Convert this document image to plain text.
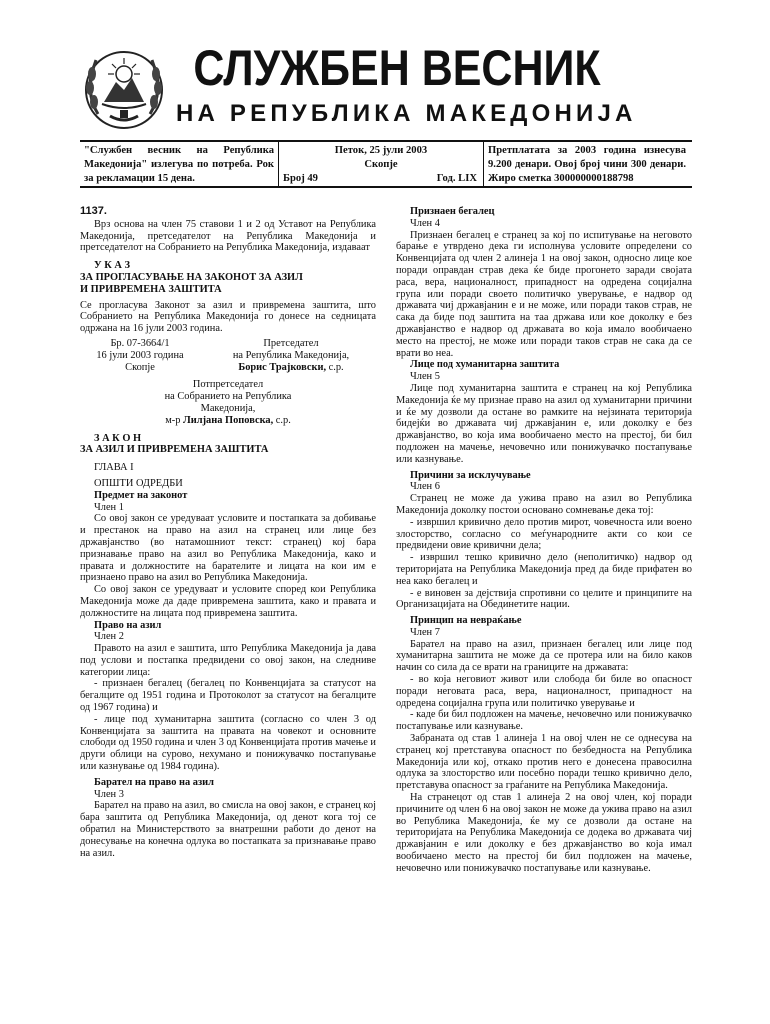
СЛУЖБЕН ВЕСНИК
НА РЕПУБЛИКА МАКЕДОНИЈА
"Службен весник на Република Македонија" излегува по потреба. Рок за рекламации 15 дена.
Петок, 25 јули 2003
Скопје
Број 49	Год. LIX
Претплатата за 2003 година изнесува 9.200 денари. Овој број чини 300 денари. Жиро сметка 300000000188798
1137.

Врз основа на член 75 ставови 1 и 2 од Уставот на Република Македонија, претседателот на Република Македонија и претседателот на Собранието на Република Македонија, издаваат

У К А З

ЗА ПРОГЛАСУВАЊЕ НА ЗАКОНОТ ЗА АЗИЛ

И ПРИВРЕМЕНА ЗАШТИТА

Се прогласува Законот за азил и привремена заштита, што Собранието на Република Македонија го донесе на седницата одржана на 16 јули 2003 година.

Бр. 07-3664/1
16 јули 2003 година
Скопје
Претседател
на Република Македонија,
Борис Трајковски, с.р.
Потпретседател
на Собранието на Република
Македонија,
м-р Лилјана Поповска, с.р.

З А К О Н

ЗА АЗИЛ И ПРИВРЕМЕНА ЗАШТИТА

ГЛАВА I

ОПШТИ ОДРЕДБИ

Предмет на законот

Член 1

Со овој закон се уредуваат условите и постапката за добивање и престанок на право на азил на странец или лице без државјанство (во натамошниот текст: странец) кој бара признавање право на азил во Република Македонија, како и правата и должностите на барателите и лицата на кои им е признаено право на азил во Република Македонија.

Со овој закон се уредуваат и условите според кои Република Македонија може да даде привремена заштита, како и правата и должностите на лицата под привремена заштита.

Право на азил

Член 2

Правото на азил е заштита, што Република Македонија ја дава под услови и постапка предвидени со овој закон, на следниве категории лица:

- признаен бегалец (бегалец по Конвенцијата за статусот на бегалците од 1951 година и Протоколот за статусот на бегалците од 1967 година) и

- лице под хуманитарна заштита (согласно со член 3 од Конвенцијата за заштита на правата на човекот и основните слободи од 1950 година и член 3 од Конвенцијата против мачење и други облици на сурово, нехумано и понижувачко постапување или казнување од 1984 година).

Барател на право на азил

Член 3

Барател на право на азил, во смисла на овој закон, е странец кој бара заштита од Република Македонија, од денот кога тој се обратил на Министерството за внатрешни работи до денот на донесување на конечна одлука во постапката за признавање право на азил.

Признаен бегалец

Член 4

Признаен бегалец е странец за кој по испитување на неговото барање е утврдено дека ги исполнува условите определени со Конвенцијата од член 2 алинеја 1 на овој закон, односно лице кое поради оправдан страв дека ќе биде прогонето заради својата раса, вера, националност, припадност на одредена социјална група или поради своето политичко уверување, е надвор од државата чиј државјанин е и не може, или поради таков страв, не сака да биде под заштита на таа држава или кое доколку е без државјанство е надвор од државата во која имало вообичаено место на престој, не може или поради таков страв не сака да се врати во неа.

Лице под хуманитарна заштита

Член 5

Лице под хуманитарна заштита е странец на кој Република Македонија ќе му признае право на азил од хуманитарни причини и ќе му дозволи да остане во рамките на нејзината територија бидејќи во државата чиј државјанин е, или доколку е без државјанство, во која има вообичаено место на престој, би бил подложен на мачење, нечовечно или понижувачко постапување или казнување.

Причини за исклучување

Член 6

Странец не може да ужива право на азил во Република Македонија доколку постои основано сомневање дека тој:

- извршил кривично дело против мирот, човечноста или воено злосторство, согласно со меѓународните акти со кои се предвидени овие кривични дела;

- извршил тешко кривично дело (неполитичко) надвор од територијата на Република Македонија пред да биде прифатен во неа како бегалец и

- е виновен за дејствија спротивни со целите и принципите на Организацијата на Обединетите нации.

Принцип на невраќање

Член 7

Барател на право на азил, признаен бегалец или лице под хуманитарна заштита не може да се протера или на било каков начин со сила да се врати на границите на државата:

- во која неговиот живот или слобода би биле во опасност поради неговата раса, вера, националност, припадност на одредена социјална група или политичко уверување и

- каде би бил подложен на мачење, нечовечно или понижувачко постапување или казнување.

Забраната од став 1 алинеја 1 на овој член не се однесува на странец кој претставува опасност по безбедноста на Република Македонија или кој, откако против него е донесена правосилна одлука за злосторство или посебно поради тешко кривично дело, претставува опасност за граѓаните на Република Македонија.

На странецот од став 1 алинеја 2 на овој член, кој поради причините од член 6 на овој закон не може да ужива право на азил во Република Македонија, ќе му се дозволи да остане на територијата на Република Македонија се додека во државата чиј државјанин е или доколку е без државјанство во која имал вообичаено место на престој би бил подложен на мачење, нечовечно или понижувачко постапување или казнување.
